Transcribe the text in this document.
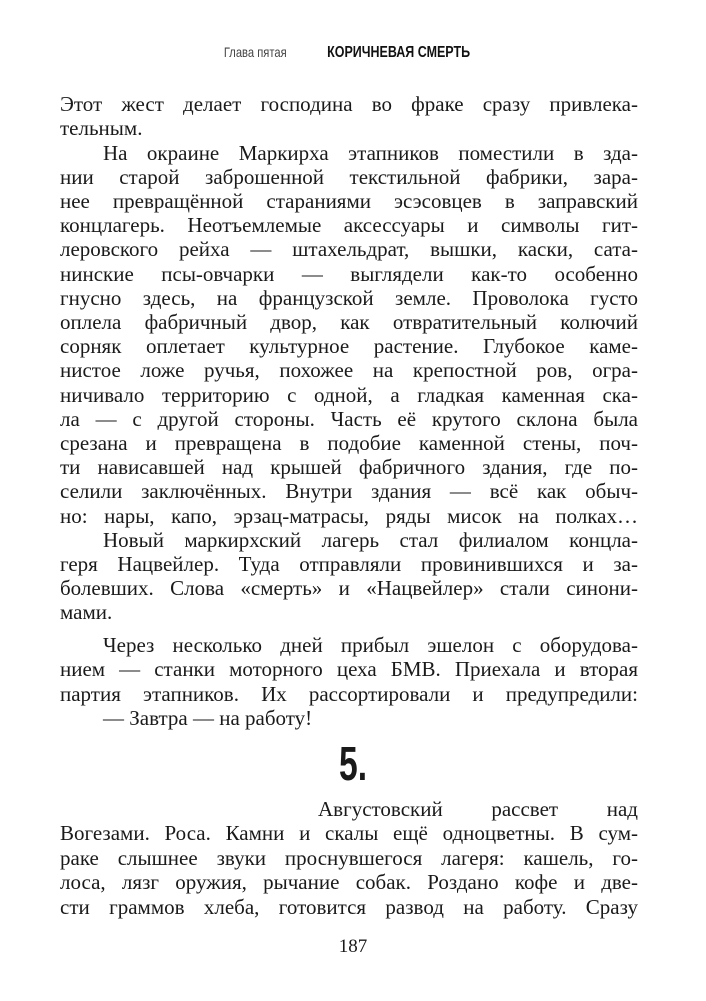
Глава пятая КОРИЧНЕВАЯ СМЕРТЬ
Этот жест делает господина во фраке сразу привлека-
тельным.
На окраине Маркирха этапников поместили в зда-
нии старой заброшенной текстильной фабрики, зара-
нее превращённой стараниями эсэсовцев в заправский
концлагерь. Неотъемлемые аксессуары и символы гит-
леровского рейха — штахельдрат, вышки, каски, сата-
нинские псы-овчарки — выглядели как-то особенно
гнусно здесь, на французской земле. Проволока густо
оплела фабричный двор, как отвратительный колючий
сорняк оплетает культурное растение. Глубокое каме-
нистое ложе ручья, похожее на крепостной ров, огра-
ничивало территорию с одной, а гладкая каменная ска-
ла — с другой стороны. Часть её крутого склона была
срезана и превращена в подобие каменной стены, поч-
ти нависавшей над крышей фабричного здания, где по-
селили заключённых. Внутри здания — всё как обыч-
но: нары, капо, эрзац-матрасы, ряды мисок на полках…
Новый маркирхский лагерь стал филиалом концла-
геря Нацвейлер. Туда отправляли провинившихся и за-
болевших. Слова «смерть» и «Нацвейлер» стали синони-
мами.
Через несколько дней прибыл эшелон с оборудова-
нием — станки моторного цеха БМВ. Приехала и вторая
партия этапников. Их рассортировали и предупредили:
— Завтра — на работу!
5.
Августовский рассвет над
Вогезами. Роса. Камни и скалы ещё одноцветны. В сум-
раке слышнее звуки проснувшегося лагеря: кашель, го-
лоса, лязг оружия, рычание собак. Роздано кофе и две-
сти граммов хлеба, готовится развод на работу. Сразу
187
